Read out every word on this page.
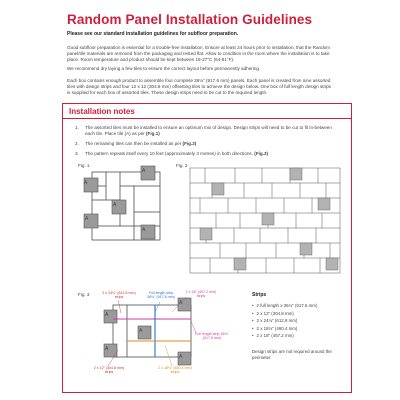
Random Panel Installation Guidelines
Please see our standard installation guidelines for subfloor preparation.
Good subfloor preparation is essential for a trouble-free installation. Ensure at least 24 hours prior to installation, that the Random panel/tile materials are removed from the packaging and rested flat. Allow to condition in the room where the installation is to take place. Room temperature and product should be kept between 18-27°C (64-81°F).
We recommend dry laying a few tiles to ensure the correct layout before permanently adhering.
Each box contains enough product to assemble four complete 36⅛" (917.6 mm) panels. Each panel is created from nine assorted tiles with design strips and four 12 x 12 (304.8 mm) offsetting tiles to achieve the design below. One box of full length design strips is supplied for each box of assorted tiles. These design strips need to be cut to the required length.
Installation notes
1. The assorted tiles must be installed to ensure an optimum mix of design. Design strips will need to be cut to fit in-between each tile. Place tile (A) as per (Fig.1)
2. The remaining tiles can then be installed as per (Fig.2)
3. The pattern repeats itself every 10 feet (approximately 3 metres) in both directions. (Fig.3)
Fig. 1	Fig. 2
Fig. 3
A
A
A
A
A
A
A
A
A
A
2 x 24⅛" (612.8 mm) strips
Full length strip 36⅛" (917.6 mm)
2 x 18" (457.2 mm) strips
Full length strip 36⅛" (917.6 mm)
2 x 12" (304.8 mm) strips
2 x 18⅛" (460.4 mm) strips
Strips
• 2 full length x 36⅛" (917.6 mm)
• 2 x 12" (304.8 mm)
• 2 x 24⅛" (612.8 mm)
• 2 x 18⅛" (460.4 mm)
• 2 x 18" (457.2 mm)
Design strips are not required around the perimeter.
